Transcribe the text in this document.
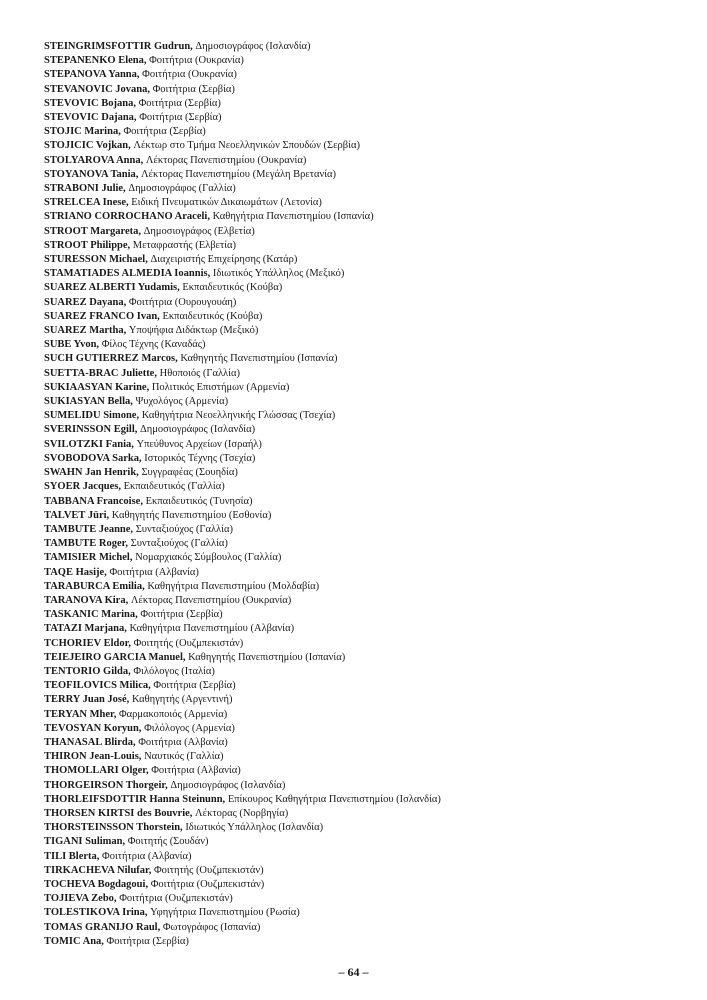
STEINGRIMSFOTTIR Gudrun, Δημοσιογράφος (Ισλανδία)
STEPANENKO Elena, Φοιτήτρια (Ουκρανία)
STEPANOVA Yanna, Φοιτήτρια (Ουκρανία)
STEVANOVIC Jovana, Φοιτήτρια (Σερβία)
STEVOVIC Bojana, Φοιτήτρια (Σερβία)
STEVOVIC Dajana, Φοιτήτρια (Σερβία)
STOJIC Marina, Φοιτήτρια (Σερβία)
STOJICIC Vojkan, Λέκτωρ στο Τμήμα Νεοελληνικών Σπουδών (Σερβία)
STOLYAROVA Anna, Λέκτορας Πανεπιστημίου (Ουκρανία)
STOYANOVA Tania, Λέκτορας Πανεπιστημίου (Μεγάλη Βρετανία)
STRABONI Julie, Δημοσιογράφος (Γαλλία)
STRELCEA Inese, Ειδική Πνευματικών Δικαιωμάτων (Λετονία)
STRIANO CORROCHANO Araceli, Καθηγήτρια Πανεπιστημίου (Ισπανία)
STROOT Margareta, Δημοσιογράφος (Ελβετία)
STROOT Philippe, Μεταφραστής (Ελβετία)
STURESSON Michael, Διαχειριστής Επιχείρησης (Κατάρ)
STAMATIADES ALMEDIA Ioannis, Ιδιωτικός Υπάλληλος (Μεξικό)
SUAREZ ALBERTI Yudamis, Εκπαιδευτικός (Κούβα)
SUAREZ Dayana, Φοιτήτρια (Ουρουγουάη)
SUAREZ FRANCO Ivan, Εκπαιδευτικός (Κούβα)
SUAREZ Martha, Υποψήφια Διδάκτωρ (Μεξικό)
SUBE Yvon, Φίλος Τέχνης (Καναδάς)
SUCH GUTIERREZ Marcos, Καθηγητής Πανεπιστημίου (Ισπανία)
SUETTA-BRAC Juliette, Ηθοποιός (Γαλλία)
SUKIAASYAN Karine, Πολιτικός Επιστήμων (Αρμενία)
SUKIASYAN Bella, Ψυχολόγος (Αρμενία)
SUMELIDU Simone, Καθηγήτρια Νεοελληνικής Γλώσσας (Τσεχία)
SVERINSSON Egill, Δημοσιογράφος (Ισλανδία)
SVILOTZKI Fania, Υπεύθυνος Αρχείων (Ισραήλ)
SVOBODOVA Sarka, Ιστορικός Τέχνης (Τσεχία)
SWAHN Jan Henrik, Συγγραφέας (Σουηδία)
SYOER Jacques, Εκπαιδευτικός (Γαλλία)
TABBANA Francoise, Εκπαιδευτικός (Τυνησία)
TALVET Jüri, Καθηγητής Πανεπιστημίου (Εσθονία)
TAMBUTE Jeanne, Συνταξιούχος (Γαλλία)
TAMBUTE Roger, Συνταξιούχος (Γαλλία)
TAMISIER Michel, Νομαρχιακός Σύμβουλος (Γαλλία)
TAQE Hasije, Φοιτήτρια (Αλβανία)
TARABURCA Emilia, Καθηγήτρια Πανεπιστημίου (Μολδαβία)
TARANOVA Kira, Λέκτορας Πανεπιστημίου (Ουκρανία)
TASKANIC Marina, Φοιτήτρια (Σερβία)
TATAZI Marjana, Καθηγήτρια Πανεπιστημίου (Αλβανία)
TCHORIEV Eldor, Φοιτητής (Ουζμπεκιστάν)
TEIEJEIRO GARCIA Manuel, Καθηγητής Πανεπιστημίου (Ισπανία)
TENTORIO Gilda, Φιλόλογος (Ιταλία)
TEOFILOVICS Milica, Φοιτήτρια (Σερβία)
TERRY Juan José, Καθηγητής (Αργεντινή)
TERYAN Mher, Φαρμακοποιός (Αρμενία)
TEVOSYAN Koryun, Φιλόλογος (Αρμενία)
THANASAL Blirda, Φοιτήτρια (Αλβανία)
THIRON Jean-Louis, Ναυτικός (Γαλλία)
THOMOLLARI Olger, Φοιτήτρια (Αλβανία)
THORGEIRSON Thorgeir, Δημοσιογράφος (Ισλανδία)
THORLEIFSDOTTIR Hanna Steinunn, Επίκουρος Καθηγήτρια Πανεπιστημίου (Ισλανδία)
THORSEN KIRTSI des Bouvrie, Λέκτορας (Νορβηγία)
THORSTEINSSON Thorstein, Ιδιωτικός Υπάλληλος (Ισλανδία)
TIGANI Suliman, Φοιτητής (Σουδάν)
TILI Blerta, Φοιτήτρια (Αλβανία)
TIRKACHEVA Nilufar, Φοιτητής (Ουζμπεκιστάν)
TOCHEVA Bogdagoui, Φοιτήτρια (Ουζμπεκιστάν)
TOJIEVA Zebo, Φοιτήτρια (Ουζμπεκιστάν)
TOLESTIKOVA Irina, Υφηγήτρια Πανεπιστημίου (Ρωσία)
TOMAS GRANIJO Raul, Φωτογράφος (Ισπανία)
TOMIC Ana, Φοιτήτρια (Σερβία)
– 64 –
